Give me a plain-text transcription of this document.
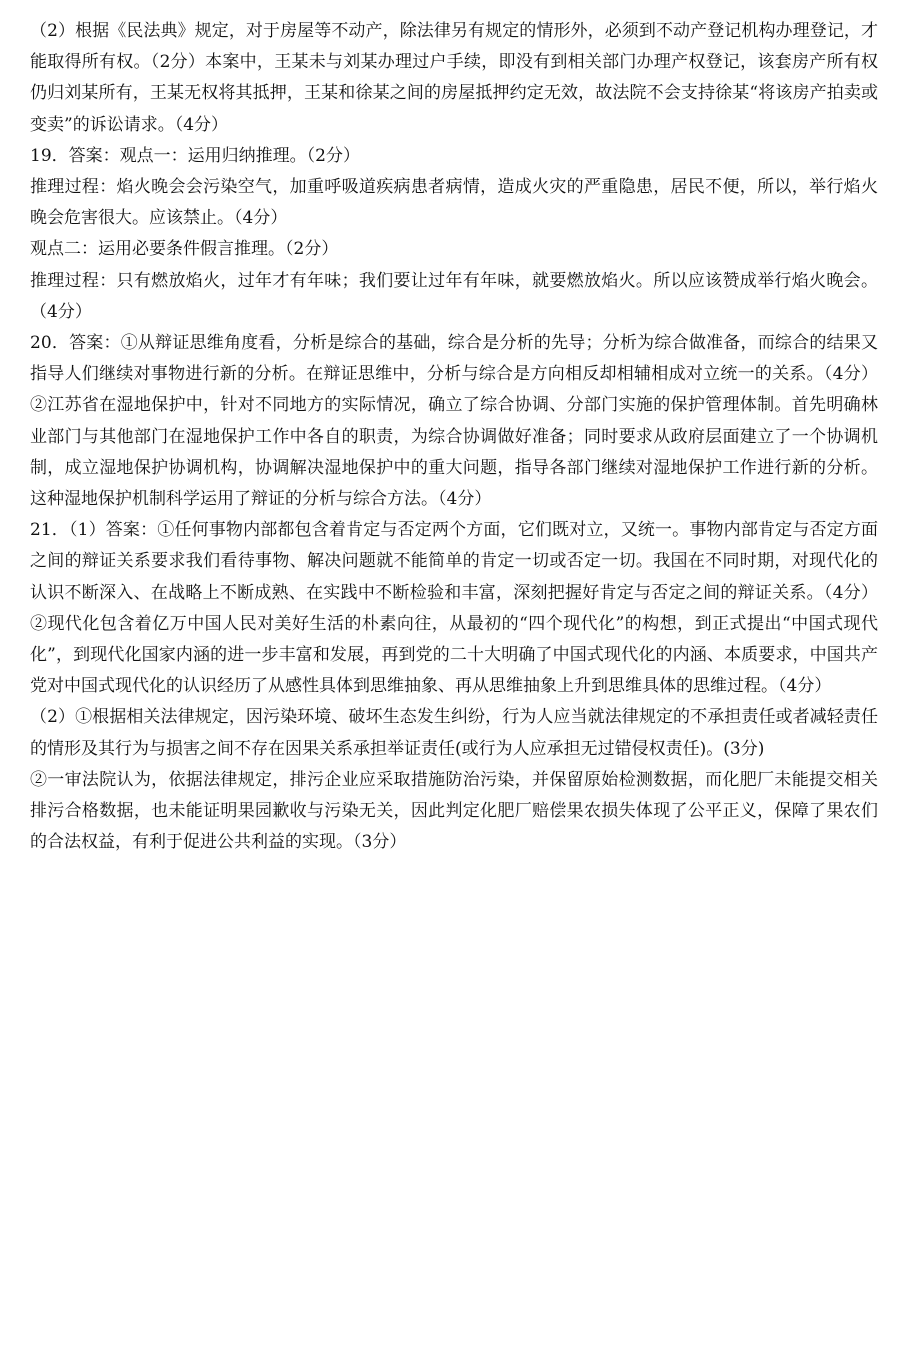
（2）根据《民法典》规定，对于房屋等不动产，除法律另有规定的情形外，必须到不动产登记机构办理登记，才能取得所有权。（2分）本案中，王某未与刘某办理过户手续，即没有到相关部门办理产权登记，该套房产所有权仍归刘某所有，王某无权将其抵押，王某和徐某之间的房屋抵押约定无效，故法院不会支持徐某“将该房产拍卖或变卖”的诉讼请求。（4分）

19．答案：观点一：运用归纳推理。（2分）

推理过程：焰火晚会会污染空气，加重呼吸道疾病患者病情，造成火灾的严重隐患，居民不便，所以，举行焰火晚会危害很大。应该禁止。（4分）

观点二：运用必要条件假言推理。（2分）

推理过程：只有燃放焰火，过年才有年味；我们要让过年有年味，就要燃放焰火。所以应该赞成举行焰火晚会。（4分）

20．答案：①从辩证思维角度看，分析是综合的基础，综合是分析的先导；分析为综合做准备，而综合的结果又指导人们继续对事物进行新的分析。在辩证思维中，分析与综合是方向相反却相辅相成对立统一的关系。（4分）②江苏省在湿地保护中，针对不同地方的实际情况，确立了综合协调、分部门实施的保护管理体制。首先明确林业部门与其他部门在湿地保护工作中各自的职责，为综合协调做好准备；同时要求从政府层面建立了一个协调机制，成立湿地保护协调机构，协调解决湿地保护中的重大问题，指导各部门继续对湿地保护工作进行新的分析。这种湿地保护机制科学运用了辩证的分析与综合方法。（4分）

21．（1）答案：①任何事物内部都包含着肯定与否定两个方面，它们既对立，又统一。事物内部肯定与否定方面之间的辩证关系要求我们看待事物、解决问题就不能简单的肯定一切或否定一切。我国在不同时期，对现代化的认识不断深入、在战略上不断成熟、在实践中不断检验和丰富，深刻把握好肯定与否定之间的辩证关系。（4分）②现代化包含着亿万中国人民对美好生活的朴素向往，从最初的“四个现代化”的构想，到正式提出“中国式现代化”，到现代化国家内涵的进一步丰富和发展，再到党的二十大明确了中国式现代化的内涵、本质要求，中国共产党对中国式现代化的认识经历了从感性具体到思维抽象、再从思维抽象上升到思维具体的思维过程。（4分）

（2）①根据相关法律规定，因污染环境、破坏生态发生纠纷，行为人应当就法律规定的不承担责任或者减轻责任的情形及其行为与损害之间不存在因果关系承担举证责任(或行为人应承担无过错侵权责任)。(3分)

②一审法院认为，依据法律规定，排污企业应采取措施防治污染，并保留原始检测数据，而化肥厂未能提交相关排污合格数据，也未能证明果园歉收与污染无关，因此判定化肥厂赔偿果农损失体现了公平正义，保障了果农们的合法权益，有利于促进公共利益的实现。（3分）
